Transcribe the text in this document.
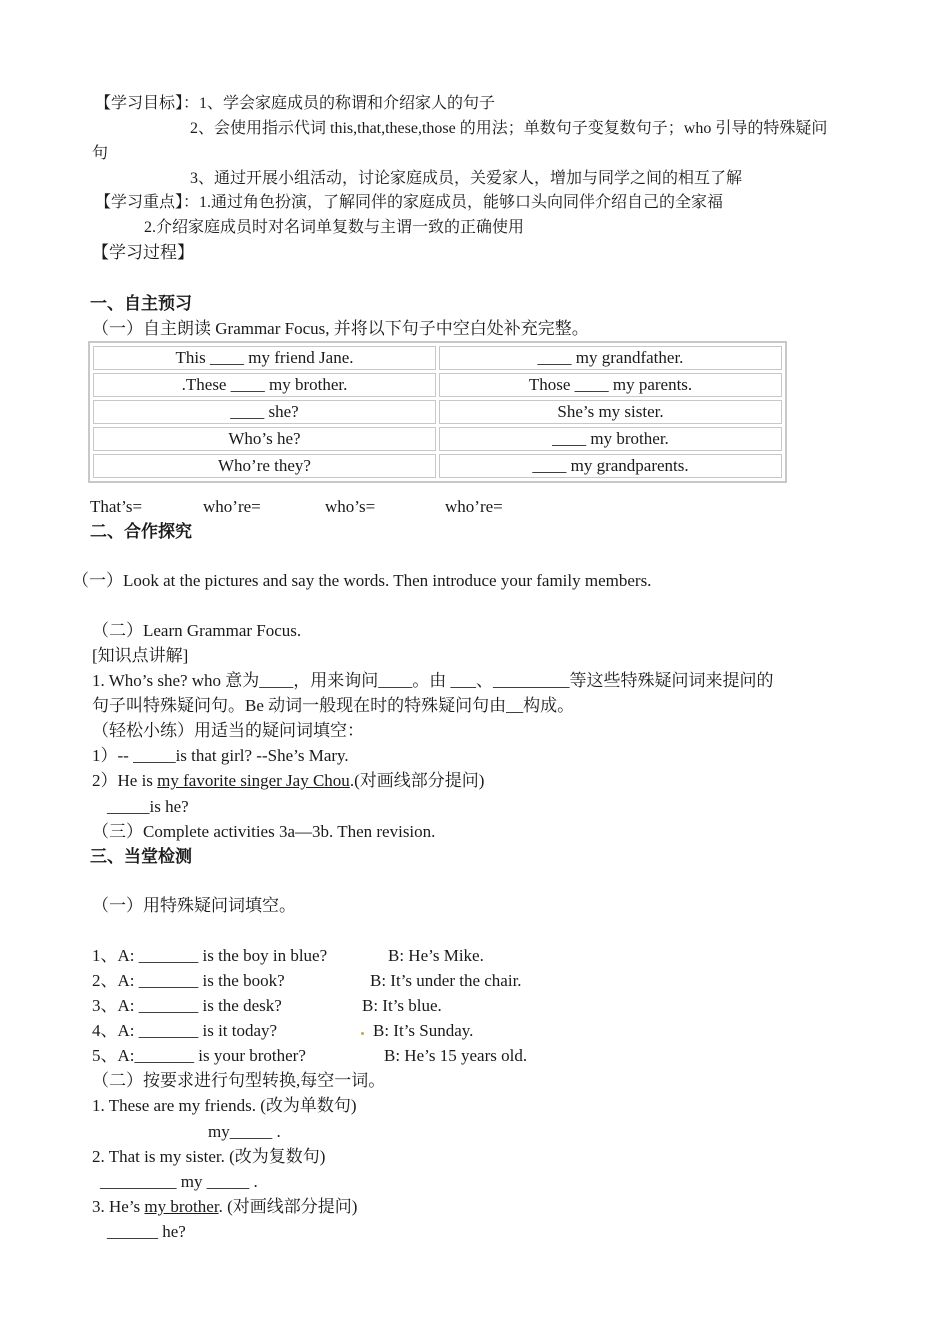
【学习目标】：1、学会家庭成员的称谓和介绍家人的句子
2、会使用指示代词 this,that,these,those 的用法；单数句子变复数句子；who 引导的特殊疑问
句
3、通过开展小组活动，讨论家庭成员，关爱家人，增加与同学之间的相互了解
【学习重点】：1.通过角色扮演，了解同伴的家庭成员，能够口头向同伴介绍自己的全家福
2.介绍家庭成员时对名词单复数与主谓一致的正确使用
【学习过程】
一、自主预习
（一）自主朗读 Grammar Focus, 并将以下句子中空白处补充完整。
This ____ my friend Jane.	____ my grandfather.
.These ____ my brother.	Those ____ my parents.
____ she?	She’s my sister.
Who’s he?	____ my brother.
Who’re they?	____ my grandparents.
That’s=	who’re=	who’s=	who’re=
二、合作探究
（一）Look at the pictures and say the words. Then introduce your family members.
（二）Learn Grammar Focus.
[知识点讲解]
1. Who’s she? who 意为____，用来询问____。由 ___、_________等这些特殊疑问词来提问的
句子叫特殊疑问句。Be 动词一般现在时的特殊疑问句由__构成。
（轻松小练）用适当的疑问词填空：
1）-- _____is that girl? --She’s Mary.
2）He is my favorite singer Jay Chou.(对画线部分提问)
_____is he?
（三）Complete activities 3a—3b. Then revision.
三、当堂检测
（一）用特殊疑问词填空。
1、A: _______ is the boy in blue?	B: He’s Mike.
2、A: _______ is the book?	B: It’s under the chair.
3、A: _______ is the desk?	B: It’s blue.
4、A: _______ is it today?	B: It’s Sunday.
5、A:_______ is your brother?	B: He’s 15 years old.
（二）按要求进行句型转换,每空一词。
1. These are my friends. (改为单数句)
my_____ .
2. That is my sister. (改为复数句)
_________ my _____ .
3. He’s my brother. (对画线部分提问)
______ he?
